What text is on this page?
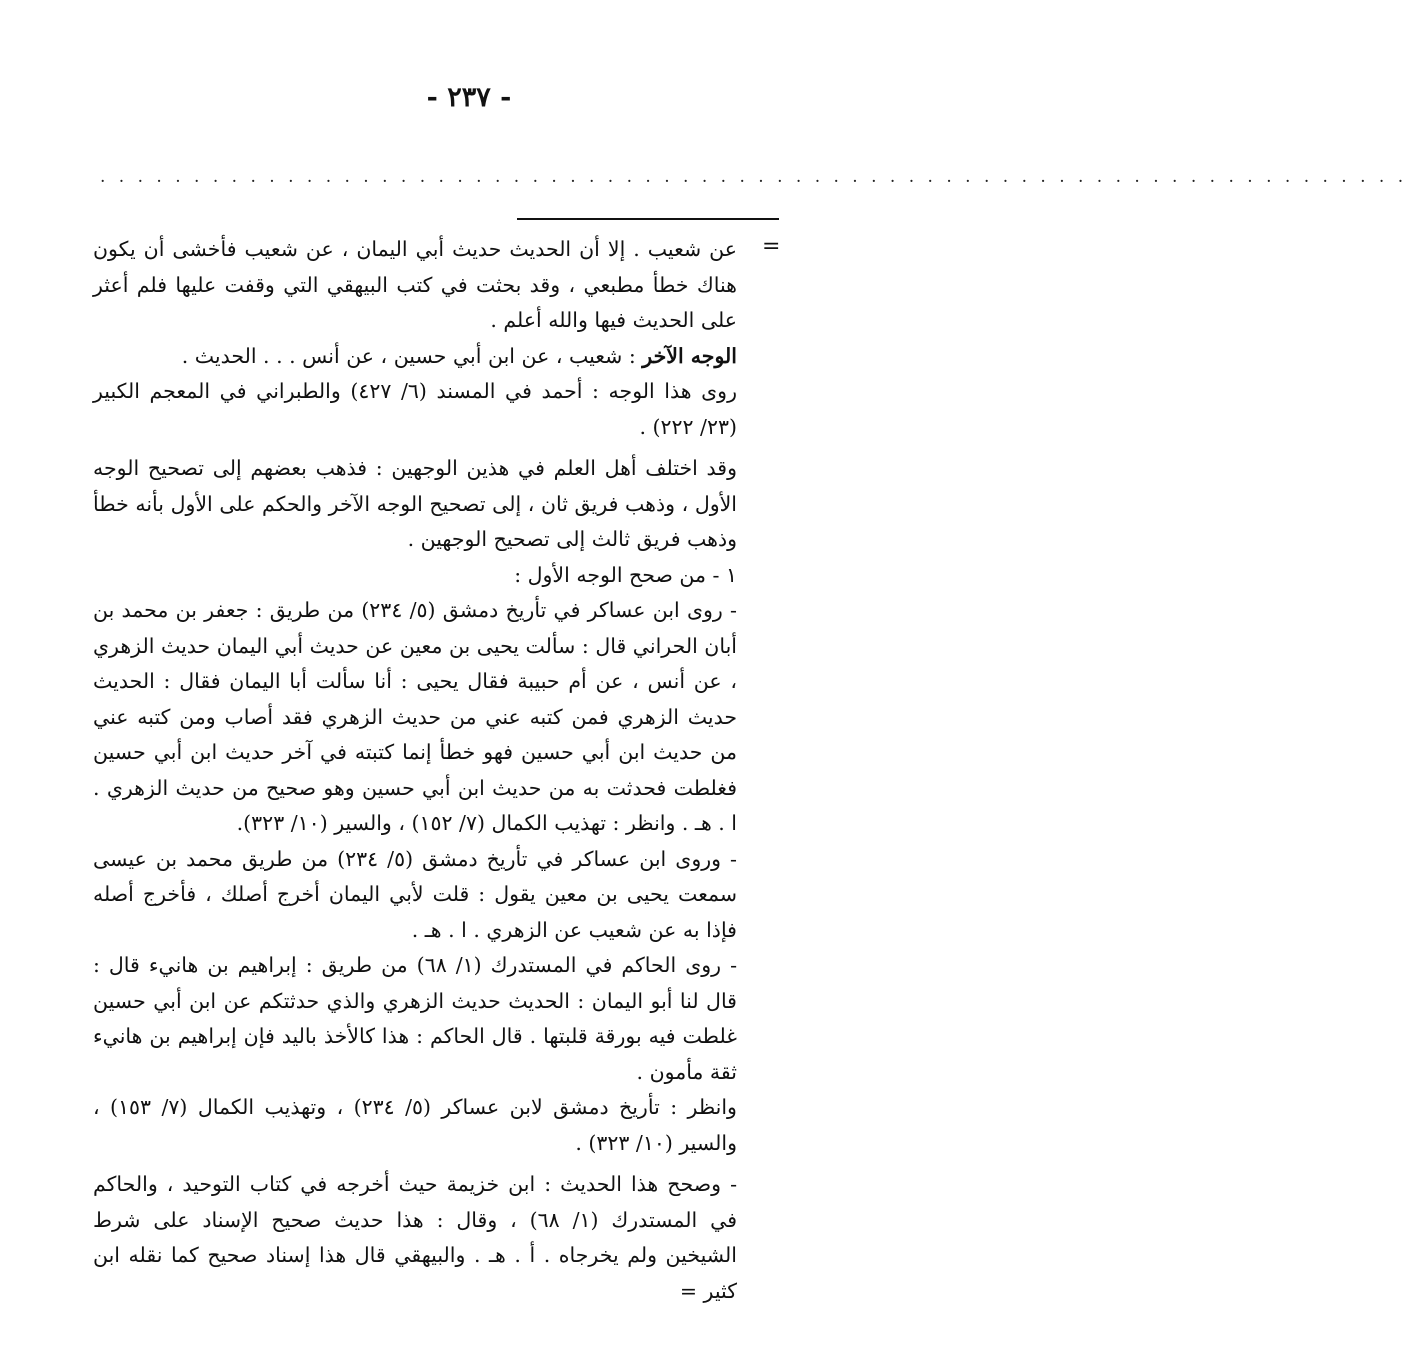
- ٢٣٧ -
. . . . . . . . . . . . . . . . . . . . . . . . . . . . . . . . . . . . . . . . . . . . . . . . . . . . . . . . . . . . . . . . . . . . . .
=

عن شعيب . إلا أن الحديث حديث أبي اليمان ، عن شعيب فأخشى أن يكون هناك خطأ مطبعي ، وقد بحثت في كتب البيهقي التي وقفت عليها فلم أعثر على الحديث فيها والله أعلم .

الوجه الآخر : شعيب ، عن ابن أبي حسين ، عن أنس . . . الحديث .

روى هذا الوجه : أحمد في المسند (٦/ ٤٢٧) والطبراني في المعجم الكبير (٢٣/ ٢٢٢) .

وقد اختلف أهل العلم في هذين الوجهين : فذهب بعضهم إلى تصحيح الوجه الأول ، وذهب فريق ثان ، إلى تصحيح الوجه الآخر والحكم على الأول بأنه خطأ وذهب فريق ثالث إلى تصحيح الوجهين .

١ - من صحح الوجه الأول :

- روى ابن عساكر في تأريخ دمشق (٥/ ٢٣٤) من طريق : جعفر بن محمد بن أبان الحراني قال : سألت يحيى بن معين عن حديث أبي اليمان حديث الزهري ، عن أنس ، عن أم حبيبة فقال يحيى : أنا سألت أبا اليمان فقال : الحديث حديث الزهري فمن كتبه عني من حديث الزهري فقد أصاب ومن كتبه عني من حديث ابن أبي حسين فهو خطأ إنما كتبته في آخر حديث ابن أبي حسين فغلطت فحدثت به من حديث ابن أبي حسين وهو صحيح من حديث الزهري . ا . هـ . وانظر : تهذيب الكمال (٧/ ١٥٢) ، والسير (١٠/ ٣٢٣).

- وروى ابن عساكر في تأريخ دمشق (٥/ ٢٣٤) من طريق محمد بن عيسى سمعت يحيى بن معين يقول : قلت لأبي اليمان أخرج أصلك ، فأخرج أصله فإذا به عن شعيب عن الزهري . ا . هـ .

- روى الحاكم في المستدرك (١/ ٦٨) من طريق : إبراهيم بن هانيء قال : قال لنا أبو اليمان : الحديث حديث الزهري والذي حدثتكم عن ابن أبي حسين غلطت فيه بورقة قلبتها . قال الحاكم : هذا كالأخذ باليد فإن إبراهيم بن هانيء ثقة مأمون .

وانظر : تأريخ دمشق لابن عساكر (٥/ ٢٣٤) ، وتهذيب الكمال (٧/ ١٥٣) ، والسير (١٠/ ٣٢٣) .

- وصحح هذا الحديث : ابن خزيمة حيث أخرجه في كتاب التوحيد ، والحاكم في المستدرك (١/ ٦٨) ، وقال : هذا حديث صحيح الإسناد على شرط الشيخين ولم يخرجاه . أ . هـ . والبيهقي قال هذا إسناد صحيح كما نقله ابن كثير =
